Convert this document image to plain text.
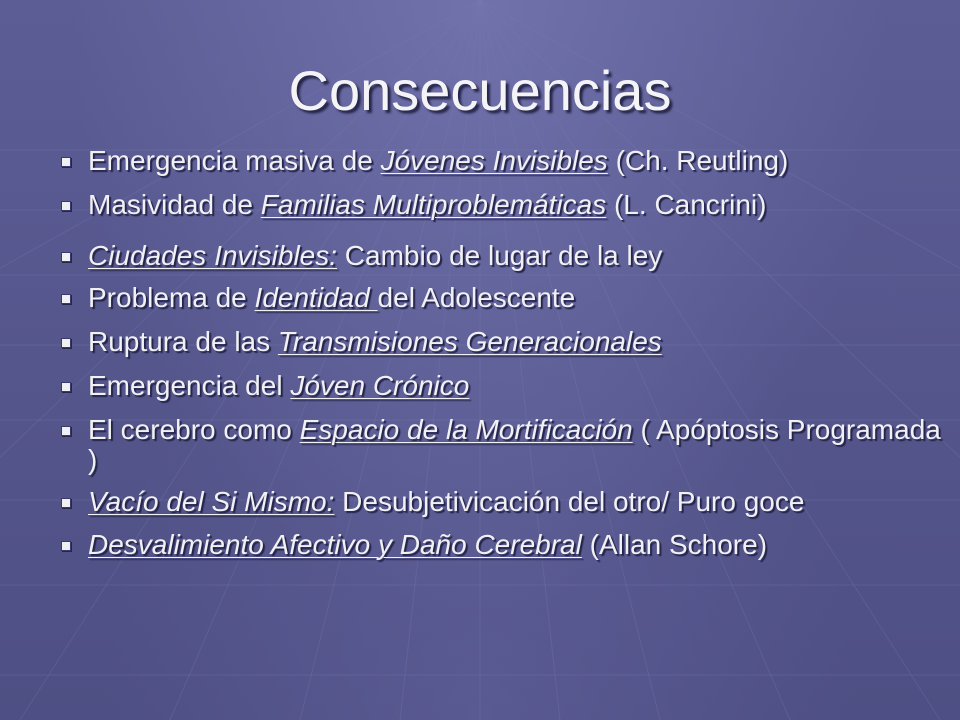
Consecuencias
Emergencia masiva de Jóvenes Invisibles (Ch. Reutling)
Masividad de Familias Multiproblemáticas (L. Cancrini)
Ciudades Invisibles: Cambio de lugar de la ley
Problema de Identidad del Adolescente
Ruptura de las Transmisiones Generacionales
Emergencia del Jóven Crónico
El cerebro como Espacio de la Mortificación ( Apóptosis Programada )
Vacío del Si Mismo: Desubjetivicación del otro/ Puro goce
Desvalimiento Afectivo y Daño Cerebral (Allan Schore)
